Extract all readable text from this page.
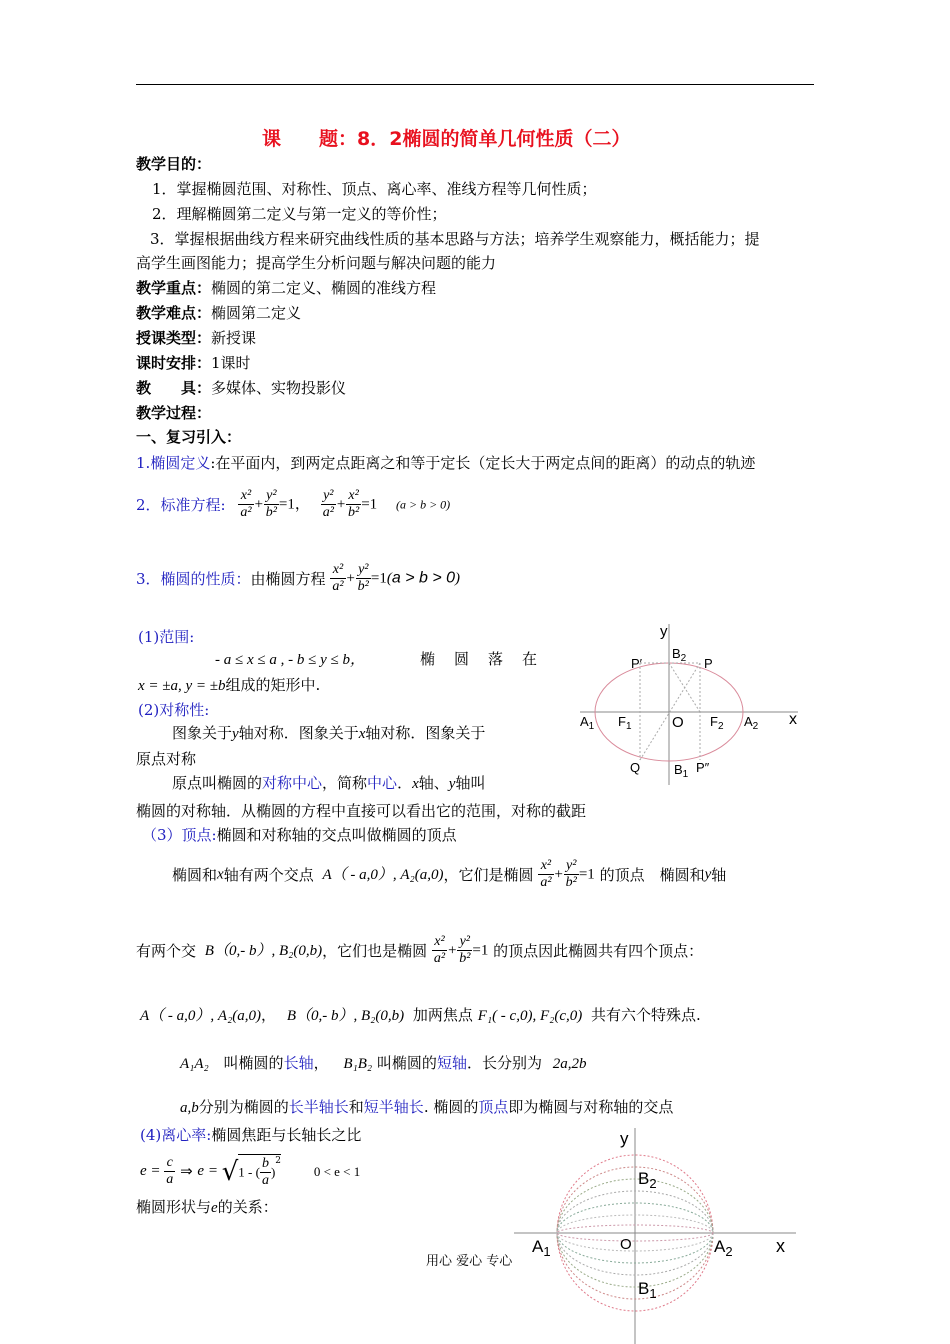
课　　题：8．2椭圆的简单几何性质（二）
教学目的：
1．掌握椭圆范围、对称性、顶点、离心率、准线方程等几何性质；
2．理解椭圆第二定义与第一定义的等价性；
3．掌握根据曲线方程来研究曲线性质的基本思路与方法；培养学生观察能力，概括能力；提
高学生画图能力；提高学生分析问题与解决问题的能力
教学重点：椭圆的第二定义、椭圆的准线方程
教学难点：椭圆第二定义
授课类型：新授课
课时安排：1课时
教　　具：多媒体、实物投影仪
教学过程：
一、复习引入：
1.椭圆定义:在平面内，到两定点距离之和等于定长（定长大于两定点间的距离）的动点的轨迹
2．标准方程: $\frac{\text{x²}}{\text{a²}} + \frac{\text{y²}}{\text{b²}} =1$， $\frac{\text{y²}}{\text{a²}} + \frac{\text{x²}}{\text{b²}} =1$ (a > b > 0)
3．椭圆的性质：由椭圆方程 $\frac{\text{x²}}{\text{a²}} + \frac{\text{y²}}{\text{b²}} =1(a > b > 0)$
(1)范围:
- a ≤ x ≤ a , - b ≤ y ≤ b，	椭　圆　落　在
x = ±a, y = ±b组成的矩形中.
(2)对称性:
图象关于y轴对称．图象关于x轴对称．图象关于
原点对称
原点叫椭圆的对称中心，简称中心．x轴、y轴叫
椭圆的对称轴．从椭圆的方程中直接可以看出它的范围，对称的截距
（3）顶点:椭圆和对称轴的交点叫做椭圆的顶点
椭圆和x轴有两个交点 A（ - a,0）, A₂(a,0)，它们是椭圆 $\frac{\text{x²}}{\text{a²}} + \frac{\text{y²}}{\text{b²}} =1$ 的顶点　椭圆和y轴
有两个交 B（0,- b）, B₂(0,b)，它们也是椭圆 $\frac{\text{x²}}{\text{a²}} + \frac{\text{y²}}{\text{b²}} =1$ 的顶点因此椭圆共有四个顶点：
A（ - a,0）, A₂(a,0)， B（0,- b）, B₂(0,b) 加两焦点 F₁( - c,0), F₂(c,0) 共有六个特殊点.
A₁A₂ 叫椭圆的长轴， B₁B₂ 叫椭圆的短轴．长分别为 2a,2b
a,b分别为椭圆的长半轴长和短半轴长. 椭圆的顶点即为椭圆与对称轴的交点
(4)离心率:椭圆焦距与长轴长之比
$e = \frac{c}{a}$ ⇒ e = √1 - ( $\frac{b}{a} )^2$ 0 < e < 1
椭圆形状与e的关系：
y
x
P′
$B_2$ P
$A_1$ $F_1$	O $F_2$ $A_2$
Q	$B_1$ P″
y
x
$B_2$
$A_1$	O	$A_2$
$B_1$
用心 爱心 专心
